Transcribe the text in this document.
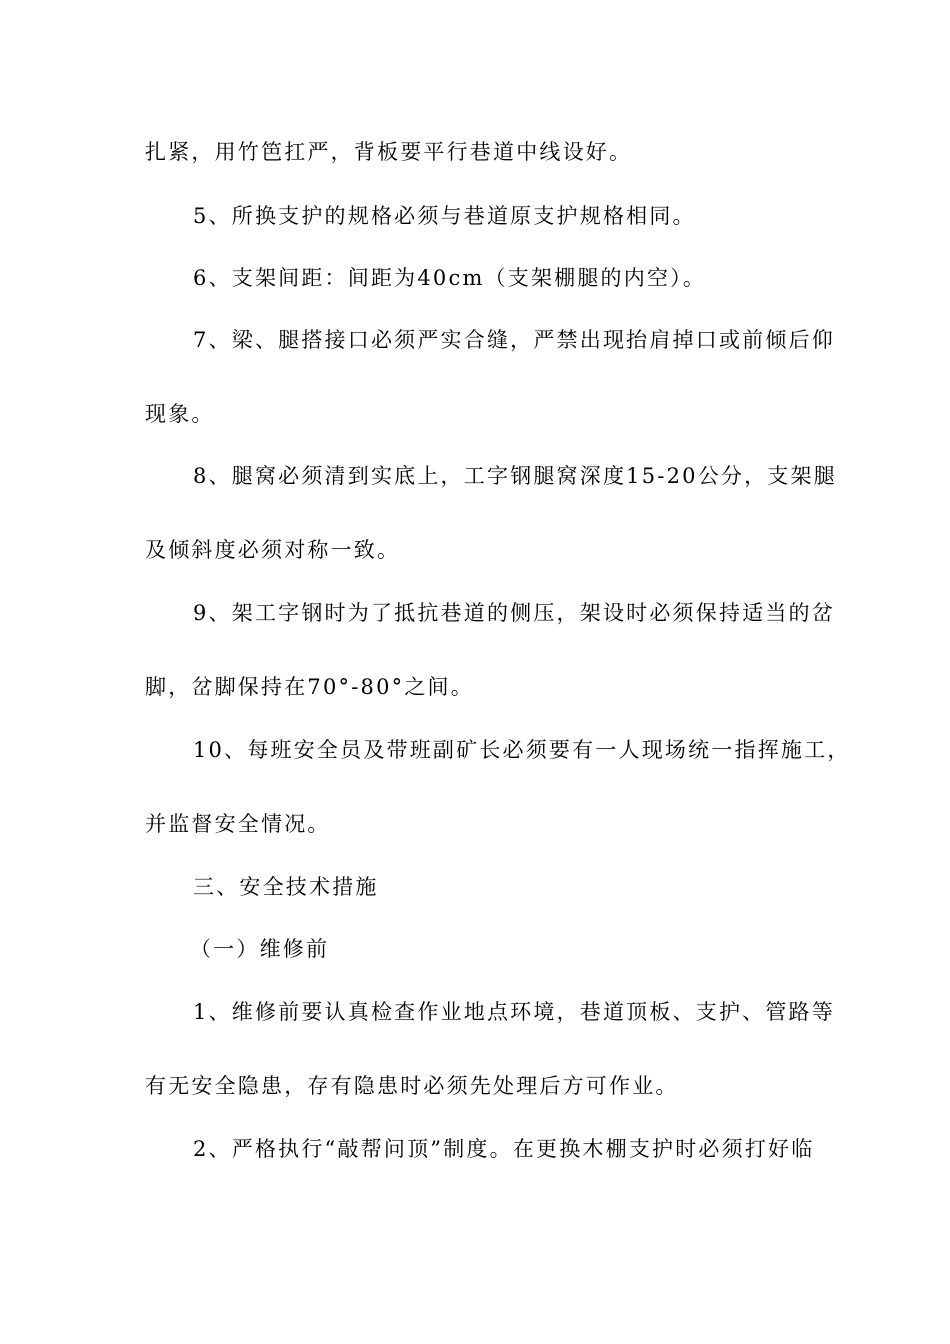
扎紧，用竹笆扛严，背板要平行巷道中线设好。
5、所换支护的规格必须与巷道原支护规格相同。
6、支架间距：间距为40cm（支架棚腿的内空）。
7、梁、腿搭接口必须严实合缝，严禁出现抬肩掉口或前倾后仰
现象。
8、腿窝必须清到实底上，工字钢腿窝深度15-20公分，支架腿
及倾斜度必须对称一致。
9、架工字钢时为了抵抗巷道的侧压，架设时必须保持适当的岔
脚，岔脚保持在70°-80°之间。
10、每班安全员及带班副矿长必须要有一人现场统一指挥施工，
并监督安全情况。
三、安全技术措施
（一）维修前
1、维修前要认真检查作业地点环境，巷道顶板、支护、管路等
有无安全隐患，存有隐患时必须先处理后方可作业。
2、严格执行“敲帮问顶”制度。在更换木棚支护时必须打好临
